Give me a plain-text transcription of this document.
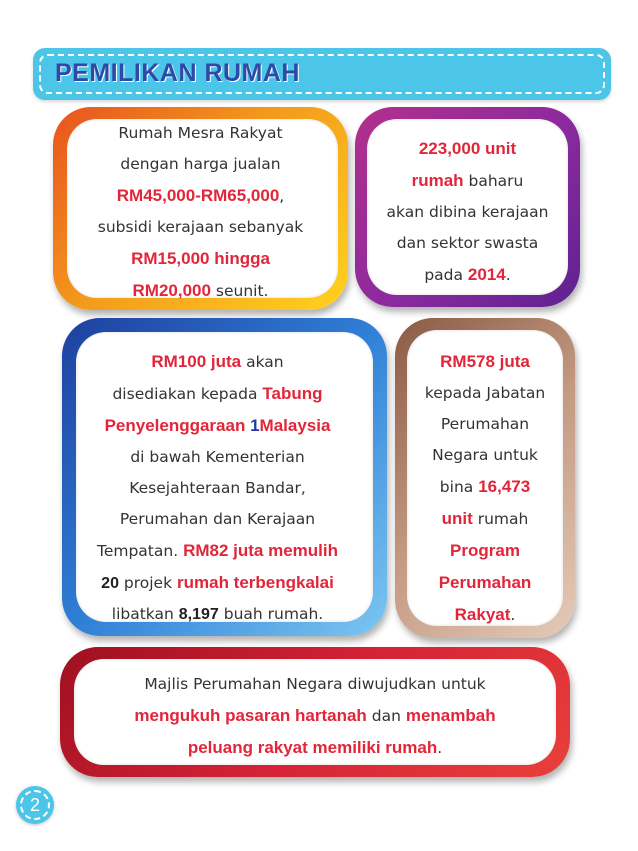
PEMILIKAN RUMAH
Rumah Mesra Rakyat
dengan harga jualan
RM45,000-RM65,000,
subsidi kerajaan sebanyak
RM15,000 hingga
RM20,000 seunit.
223,000 unit
rumah baharu
akan dibina kerajaan
dan sektor swasta
pada 2014.
RM100 juta akan
disediakan kepada Tabung
Penyelenggaraan 1Malaysia
di bawah Kementerian
Kesejahteraan Bandar,
Perumahan dan Kerajaan
Tempatan. RM82 juta memulih
20 projek rumah terbengkalai
libatkan 8,197 buah rumah.
RM578 juta
kepada Jabatan
Perumahan
Negara untuk
bina 16,473
unit rumah
Program
Perumahan
Rakyat.
Majlis Perumahan Negara diwujudkan untuk
mengukuh pasaran hartanah dan menambah
peluang rakyat memiliki rumah.
2
